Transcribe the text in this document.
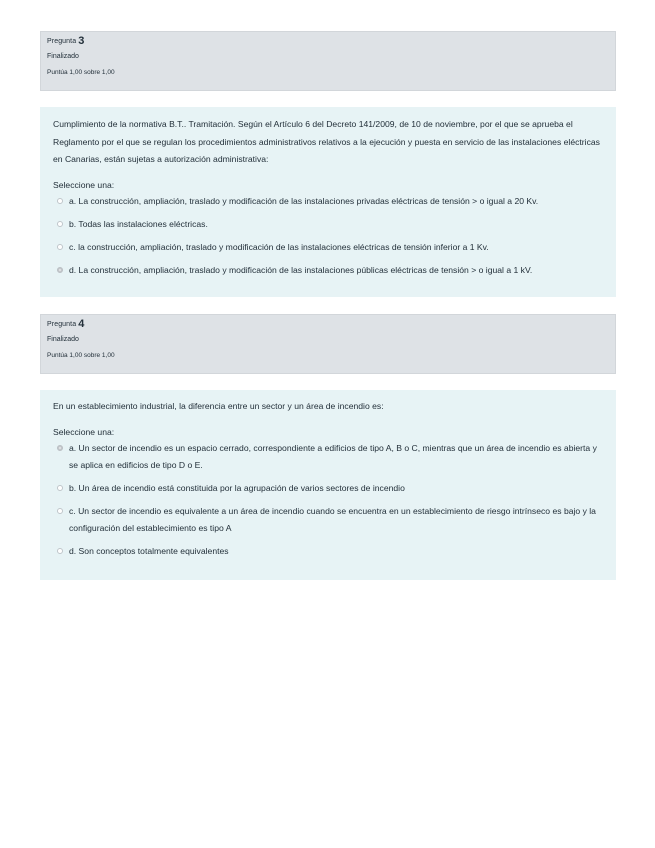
Pregunta 3
Finalizado
Puntúa 1,00 sobre 1,00

Cumplimiento de la normativa B.T.. Tramitación. Según el Artículo 6 del Decreto 141/2009, de 10 de noviembre, por el que se aprueba el Reglamento por el que se regulan los procedimientos administrativos relativos a la ejecución y puesta en servicio de las instalaciones eléctricas en Canarias, están sujetas a autorización administrativa:

Seleccione una:
a. La construcción, ampliación, traslado y modificación de las instalaciones privadas eléctricas de tensión > o igual a 20 Kv.
b. Todas las instalaciones eléctricas.
c. la construcción, ampliación, traslado y modificación de las instalaciones eléctricas de tensión inferior a 1 Kv.
d. La construcción, ampliación, traslado y modificación de las instalaciones públicas eléctricas de tensión > o igual a 1 kV.
Pregunta 4
Finalizado
Puntúa 1,00 sobre 1,00

En un establecimiento industrial, la diferencia entre un sector y un área de incendio es:

Seleccione una:
a. Un sector de incendio es un espacio cerrado, correspondiente a edificios de tipo A, B o C, mientras que un área de incendio es abierta y se aplica en edificios de tipo D o E.
b. Un área de incendio está constituida por la agrupación de varios sectores de incendio
c. Un sector de incendio es equivalente a un área de incendio cuando se encuentra en un establecimiento de riesgo intrínseco es bajo y la configuración del establecimiento es tipo A
d. Son conceptos totalmente equivalentes
